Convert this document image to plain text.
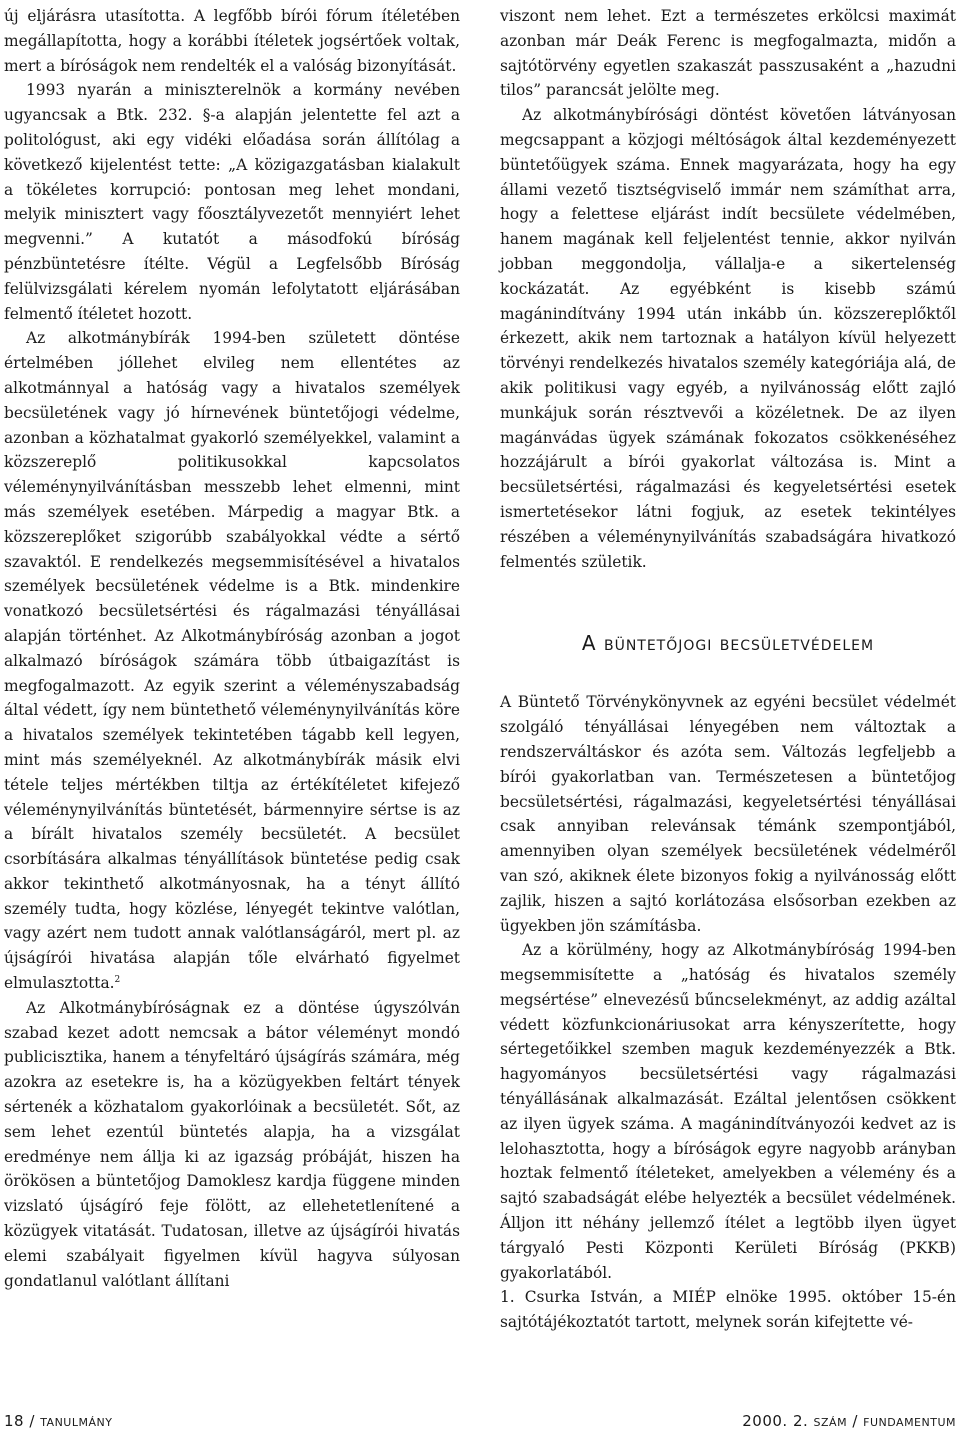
új eljárásra utasította. A legfőbb bírói fórum ítéletében megállapította, hogy a korábbi ítéletek jogsértőek voltak, mert a bíróságok nem rendelték el a valóság bizonyítását.

1993 nyarán a miniszterelnök a kormány nevében ugyancsak a Btk. 232. §-a alapján jelentette fel azt a politológust, aki egy vidéki előadása során állítólag a következő kijelentést tette: „A közigazgatásban kialakult a tökéletes korrupció: pontosan meg lehet mondani, melyik minisztert vagy főosztályvezetőt mennyiért lehet megvenni.” A kutatót a másodfokú bíróság pénzbüntetésre ítélte. Végül a Legfelsőbb Bíróság felülvizsgálati kérelem nyomán lefolytatott eljárásában felmentő ítéletet hozott.

Az alkotmánybírák 1994-ben született döntése értelmében jóllehet elvileg nem ellentétes az alkotmánnyal a hatóság vagy a hivatalos személyek becsületének vagy jó hírnevének büntetőjogi védelme, azonban a közhatalmat gyakorló személyekkel, valamint a közszereplő politikusokkal kapcsolatos véleménynyilvánításban messzebb lehet elmenni, mint más személyek esetében. Márpedig a magyar Btk. a közszereplőket szigorúbb szabályokkal védte a sértő szavaktól. E rendelkezés megsemmisítésével a hivatalos személyek becsületének védelme is a Btk. mindenkire vonatkozó becsületsértési és rágalmazási tényállásai alapján történhet. Az Alkotmánybíróság azonban a jogot alkalmazó bíróságok számára több útbaigazítást is megfogalmazott. Az egyik szerint a véleményszabadság által védett, így nem büntethető véleménynyilvánítás köre a hivatalos személyek tekintetében tágabb kell legyen, mint más személyeknél. Az alkotmánybírák másik elvi tétele teljes mértékben tiltja az értékítéletet kifejező véleménynyilvánítás büntetését, bármennyire sértse is az a bírált hivatalos személy becsületét. A becsület csorbítására alkalmas tényállítások büntetése pedig csak akkor tekinthető alkotmányosnak, ha a tényt állító személy tudta, hogy közlése, lényegét tekintve valótlan, vagy azért nem tudott annak valótlanságáról, mert pl. az újságírói hivatása alapján tőle elvárható figyelmet elmulasztotta.$^2$

Az Alkotmánybíróságnak ez a döntése úgyszólván szabad kezet adott nemcsak a bátor véleményt mondó publicisztika, hanem a tényfeltáró újságírás számára, még azokra az esetekre is, ha a közügyekben feltárt tények sértenék a közhatalom gyakorlóinak a becsületét. Sőt, az sem lehet ezentúl büntetés alapja, ha a vizsgálat eredménye nem állja ki az igazság próbáját, hiszen ha örökösen a büntetőjog Damoklesz kardja függene minden vizslató újságíró feje fölött, az ellehetetlenítené a közügyek vitatását. Tudatosan, illetve az újságírói hivatás elemi szabályait figyelmen kívül hagyva súlyosan gondatlanul valótlant állítani

viszont nem lehet. Ezt a természetes erkölcsi maximát azonban már Deák Ferenc is megfogalmazta, midőn a sajtótörvény egyetlen szakaszát passzusaként a „hazudni tilos” parancsát jelölte meg.

Az alkotmánybírósági döntést követően látványosan megcsappant a közjogi méltóságok által kezdeményezett büntetőügyek száma. Ennek magyarázata, hogy ha egy állami vezető tisztségviselő immár nem számíthat arra, hogy a felettese eljárást indít becsülete védelmében, hanem magának kell feljelentést tennie, akkor nyilván jobban meggondolja, vállalja-e a sikertelenség kockázatát. Az egyébként is kisebb számú magánindítvány 1994 után inkább ún. közszereplőktől érkezett, akik nem tartoznak a hatályon kívül helyezett törvényi rendelkezés hivatalos személy kategóriája alá, de akik politikusi vagy egyéb, a nyilvánosság előtt zajló munkájuk során résztvevői a közéletnek. De az ilyen magánvádas ügyek számának fokozatos csökkenéséhez hozzájárult a bírói gyakorlat változása is. Mint a becsületsértési, rágalmazási és kegyeletsértési esetek ismertetésekor látni fogjuk, az esetek tekintélyes részében a véleménynyilvánítás szabadságára hivatkozó felmentés születik.

A büntetőjogi becsületvédelem

A Büntető Törvénykönyvnek az egyéni becsület védelmét szolgáló tényállásai lényegében nem változtak a rendszerváltáskor és azóta sem. Változás legfeljebb a bírói gyakorlatban van. Természetesen a büntetőjog becsületsértési, rágalmazási, kegyeletsértési tényállásai csak annyiban relevánsak témánk szempontjából, amennyiben olyan személyek becsületének védelméről van szó, akiknek élete bizonyos fokig a nyilvánosság előtt zajlik, hiszen a sajtó korlátozása elsősorban ezekben az ügyekben jön számításba.

Az a körülmény, hogy az Alkotmánybíróság 1994-ben megsemmisítette a „hatóság és hivatalos személy megsértése” elnevezésű bűncselekményt, az addig azáltal védett közfunkcionáriusokat arra kényszerítette, hogy sértegetőikkel szemben maguk kezdeményezzék a Btk. hagyományos becsületsértési vagy rágalmazási tényállásának alkalmazását. Ezáltal jelentősen csökkent az ilyen ügyek száma. A magánindítványozói kedvet az is lelohasztotta, hogy a bíróságok egyre nagyobb arányban hoztak felmentő ítéleteket, amelyekben a vélemény és a sajtó szabadságát elébe helyezték a becsület védelmének. Álljon itt néhány jellemző ítélet a legtöbb ilyen ügyet tárgyaló Pesti Központi Kerületi Bíróság (PKKB) gyakorlatából.

1. Csurka István, a MIÉP elnöke 1995. október 15-én sajtótájékoztatót tartott, melynek során kifejtette vé-

18 / tanulmány	2000. 2. szám / fundamentum
